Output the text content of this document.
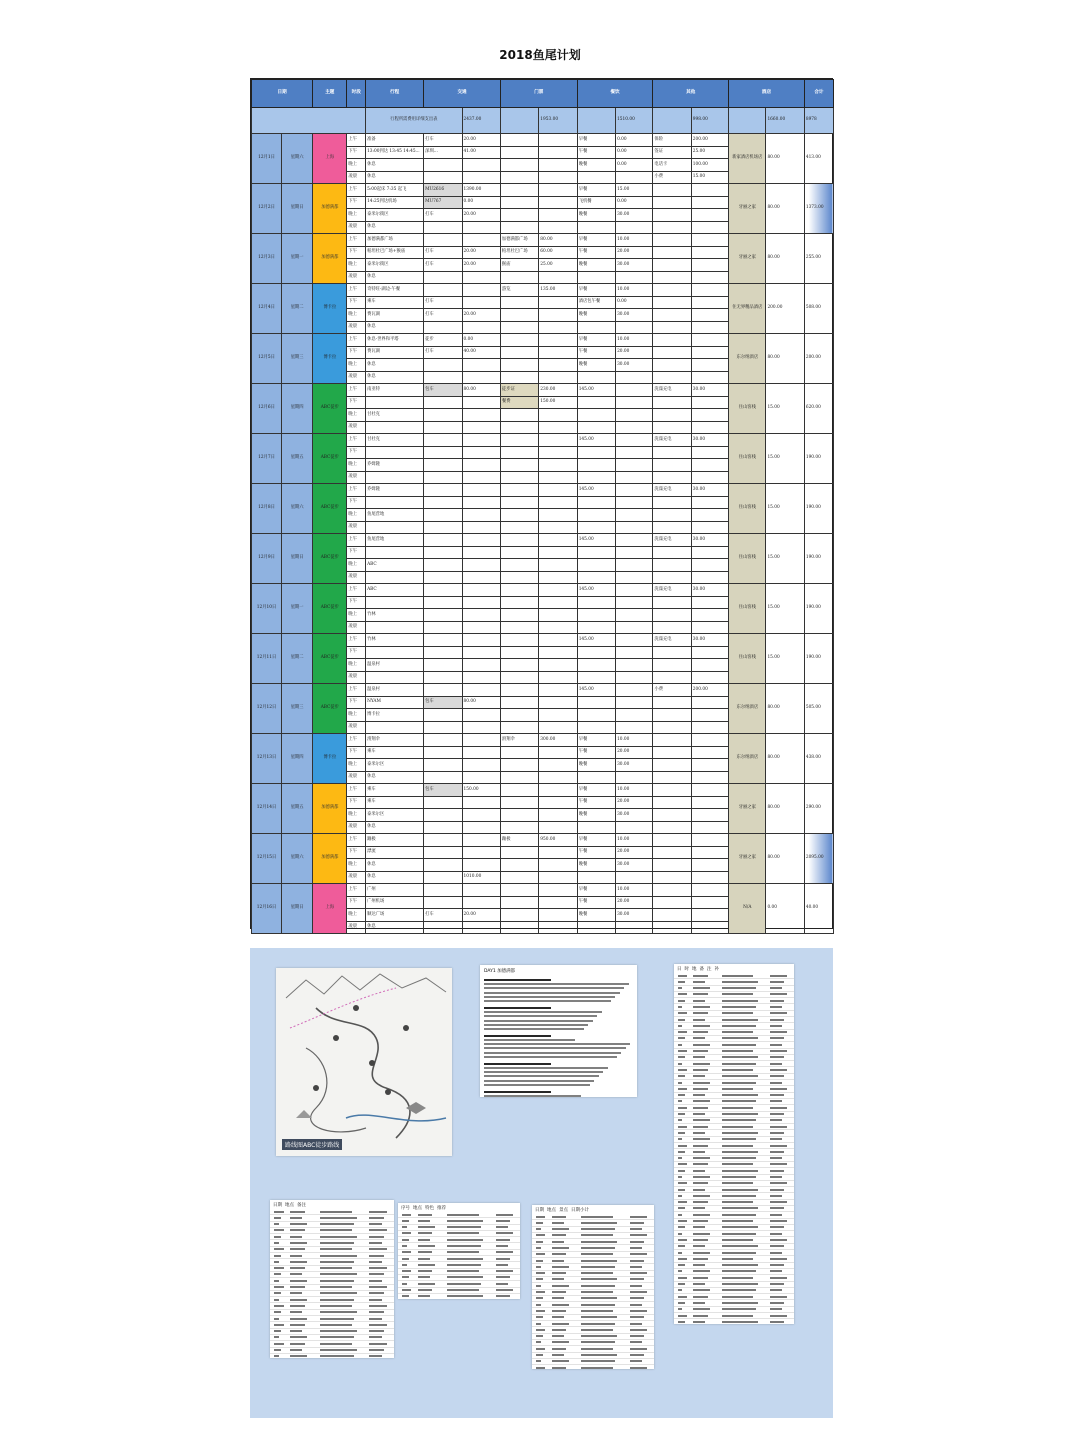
2018鱼尾计划
日期		主题	时段	行程	交通		门票		餐饮		其他		酒店		合计
				行程所需费用详细支出表		2437.00		1953.00		1510.00		998.00		1660.00	8978
12月1日	星期六	上海	上午	准备	打车	20.00			早餐	0.00	保险	200.00	新家酒店机场店	80.00	413.00
			下午	13:00到达 13:45 14:45...	深圳...	41.00			午餐	0.00	签证	25.00			
			晚上	休息					晚餐	0.00	电话卡	100.00			
			凌晨	休息							小费	15.00			
12月2日	星期日	加德满都	上午	5:00起床 7:35 起飞	MU2616	1390.00			早餐	15.00			牙丽之家	80.00	1373.00
			下午	14:25到达机场	MU767	0.00			飞机餐	0.00					
			晚上	泰米尔街区	打车	20.00			晚餐	30.00					
			凌晨	休息											
12月3日	星期一	加德满都	上午	加德满都广场			加德满都广场	80.00	早餐	10.00			牙丽之家	80.00	255.00
			下午	帕坦杜巴广场+猴庙	打车	20.00	帕坦杜巴广场	60.00	午餐	20.00					
			晚上	泰米尔街区	打车	20.00	猴庙	25.00	晚餐	30.00					
			凌晨	休息											
12月4日	星期二	博卡拉	上午	奇特旺-湖边-午餐			游览	135.00	早餐	10.00			住无界精品酒店	200.00	508.00
			下午	乘车	打车				酒店包午餐	0.00					
			晚上	费瓦湖	打车	20.00			晚餐	30.00					
			凌晨	休息											
12月5日	星期三	博卡拉	上午	休息-世界和平塔	徒步	0.00			早餐	10.00			东尔纳酒店	80.00	200.00
			下午	费瓦湖	打车	40.00			午餐	20.00					
			晚上	休息					晚餐	30.00					
			凌晨	休息											
12月6日	星期四	ABC徒步	上午	南亚特	包车	80.00	徒步证	230.00	145.00		洗澡充电	30.00	住山客栈	15.00	620.00
			下午				餐费	150.00							
			晚上	甘杜克											
			凌晨												
12月7日	星期五	ABC徒步	上午	甘杜克					145.00		洗澡充电	30.00	住山客栈	15.00	190.00
			下午												
			晚上	乔姆隆											
			凌晨												
12月8日	星期六	ABC徒步	上午	乔姆隆					145.00		洗澡充电	30.00	住山客栈	15.00	190.00
			下午												
			晚上	鱼尾营地											
			凌晨												
12月9日	星期日	ABC徒步	上午	鱼尾营地					145.00		洗澡充电	30.00	住山客栈	15.00	190.00
			下午												
			晚上	ABC											
			凌晨												
12月10日	星期一	ABC徒步	上午	ABC					145.00		洗澡充电	30.00	住山客栈	15.00	190.00
			下午												
			晚上	竹林											
			凌晨												
12月11日	星期二	ABC徒步	上午	竹林					145.00		洗澡充电	30.00	住山客栈	15.00	190.00
			下午												
			晚上	温泉村											
			凌晨												
12月12日	星期三	ABC徒步	上午	温泉村					145.00		小费	200.00	东尔纳酒店	80.00	505.00
			下午	NYAM	包车	80.00									
			晚上	博卡拉											
			凌晨												
12月13日	星期四	博卡拉	上午	滑翔伞			滑翔伞	300.00	早餐	10.00			东尔纳酒店	80.00	438.00
			下午	乘车					午餐	20.00					
			晚上	泰米尔区					晚餐	30.00					
			凌晨	休息											
12月14日	星期五	加德满都	上午	乘车	包车	150.00			早餐	10.00			牙丽之家	80.00	290.00
			下午	乘车					午餐	20.00					
			晚上	泰米尔区					晚餐	30.00					
			凌晨	休息											
12月15日	星期六	加德满都	上午	蹦极			蹦极	950.00	早餐	10.00			牙丽之家	80.00	2095.00
			下午	漂流					午餐	20.00					
			晚上	休息					晚餐	30.00					
			凌晨	休息		1010.00									
12月16日	星期日	上海	上午	广州					早餐	10.00			N/A	0.00	40.00
			下午	广州机场					午餐	20.00					
			晚上	顺达广场	打车	20.00			晚餐	30.00					
			凌晨	休息											
路线图ABC徒步路线
DAY1 加德满都	日 时 地 备 注 补
日期 地点 备注
序号 地点 特色 推荐	日期 地点 景点 日期小计
